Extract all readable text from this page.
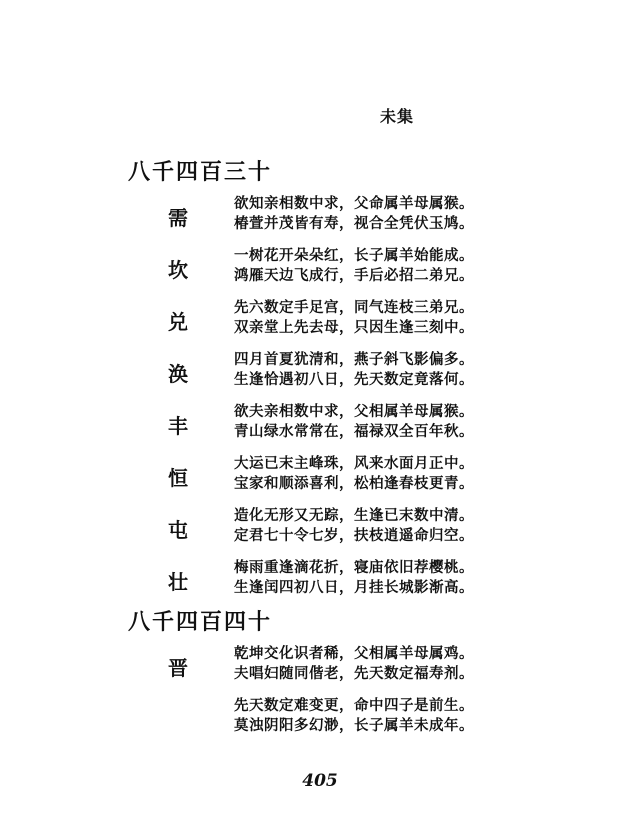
未集
八千四百三十
需
欲知亲相数中求，父命属羊母属猴。
椿萱并茂皆有寿，视合全凭伏玉鸠。
坎
一树花开朵朵红，长子属羊始能成。
鸿雁天边飞成行，手后必招二弟兄。
兑
先六数定手足宫，同气连枝三弟兄。
双亲堂上先去母，只因生逢三刻中。
涣
四月首夏犹清和，燕子斜飞影偏多。
生逢恰遇初八日，先天数定竟落何。
丰
欲夫亲相数中求，父相属羊母属猴。
青山绿水常常在，福禄双全百年秋。
恒
大运已末主峰珠，风来水面月正中。
宝家和顺添喜利，松柏逢春枝更青。
屯
造化无形又无踪，生逢已末数中清。
定君七十令七岁，扶枝逍遥命归空。
壮
梅雨重逢滴花折，寝庙依旧荐樱桃。
生逢闰四初八日，月挂长城影渐高。
八千四百四十
晋
乾坤交化识者稀，父相属羊母属鸡。
夫唱妇随同偕老，先天数定福寿剂。
先天数定难变更，命中四子是前生。
莫浊阴阳多幻渺，长子属羊未成年。
405
